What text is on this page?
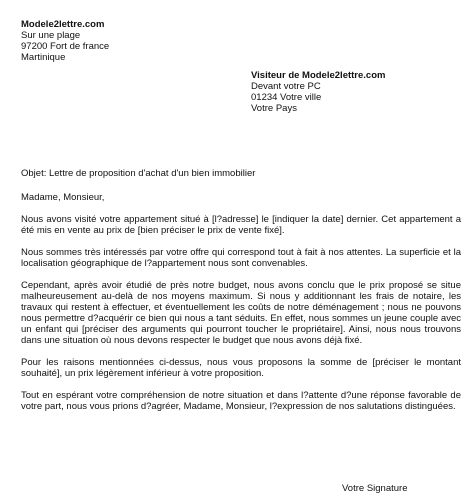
Modele2lettre.com
Sur une plage
97200 Fort de france
Martinique
Visiteur de Modele2lettre.com
Devant votre PC
01234 Votre ville
Votre Pays
Objet: Lettre de proposition d'achat d'un bien immobilier

Madame, Monsieur,

Nous avons visité votre appartement situé à [l?adresse] le [indiquer la date] dernier. Cet appartement a été mis en vente au prix de [bien préciser le prix de vente fixé].

Nous sommes très intéressés par votre offre qui correspond tout à fait à nos attentes. La superficie et la localisation géographique de l?appartement nous sont convenables.

Cependant, après avoir étudié de près notre budget, nous avons conclu que le prix proposé se situe malheureusement au-delà de nos moyens maximum. Si nous y additionnant les frais de notaire, les travaux qui restent à effectuer, et éventuellement les coûts de notre déménagement ; nous ne pouvons nous permettre d?acquérir ce bien qui nous a tant séduits. En effet, nous sommes un jeune couple avec un enfant qui [préciser des arguments qui pourront toucher le propriétaire]. Ainsi, nous nous trouvons dans une situation où nous devons respecter le budget que nous avons déjà fixé.

Pour les raisons mentionnées ci-dessus, nous vous proposons la somme de [préciser le montant souhaité], un prix légèrement inférieur à votre proposition.

Tout en espérant votre compréhension de notre situation et dans l?attente d?une réponse favorable de votre part, nous vous prions d?agréer, Madame, Monsieur, l?expression de nos salutations distinguées.

Votre Signature
